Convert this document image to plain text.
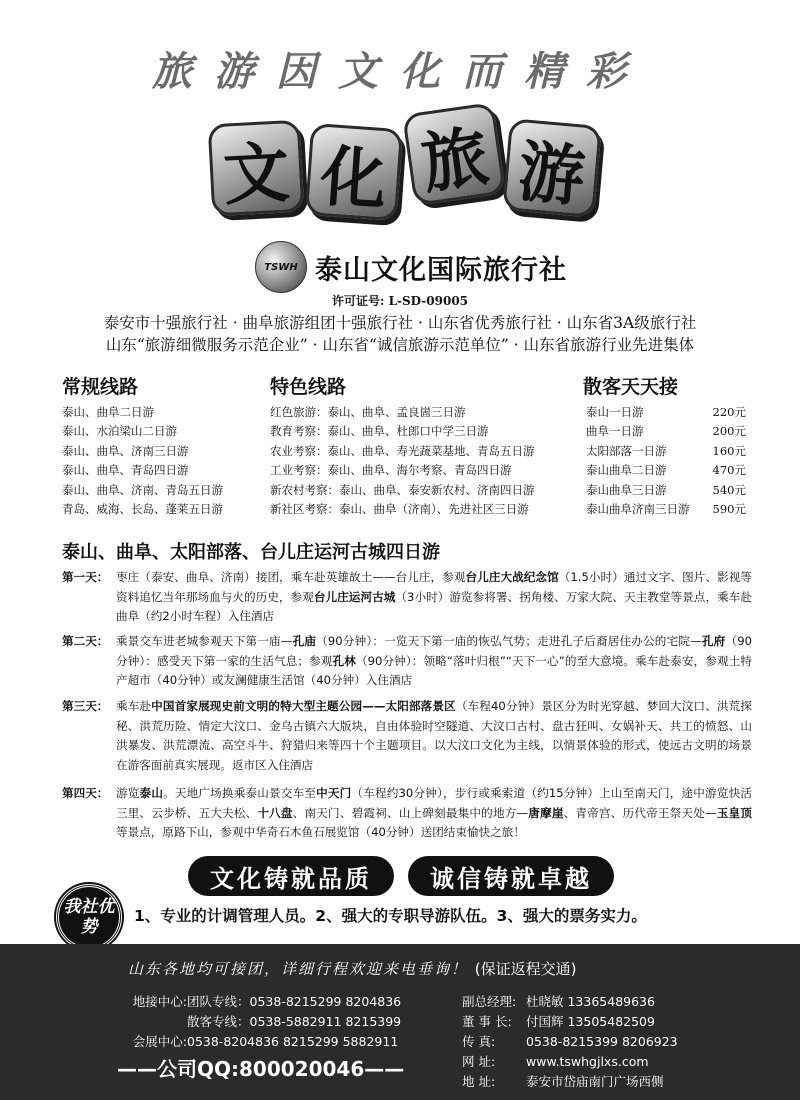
旅游因文化而精彩
文 化 旅 游
TSWH 泰山文化国际旅行社
许可证号: L-SD-09005
泰安市十强旅行社 · 曲阜旅游组团十强旅行社 · 山东省优秀旅行社 · 山东省3A级旅行社
山东“旅游细微服务示范企业” · 山东省“诚信旅游示范单位” · 山东省旅游行业先进集体
常规线路
泰山、曲阜二日游
泰山、水泊梁山二日游
泰山、曲阜、济南三日游
泰山、曲阜、青岛四日游
泰山、曲阜、济南、青岛五日游
青岛、威海、长岛、蓬莱五日游
特色线路
红色旅游：泰山、曲阜、孟良崮三日游
教育考察：泰山、曲阜、杜郎口中学三日游
农业考察：泰山、曲阜、寿光蔬菜基地、青岛五日游
工业考察：泰山、曲阜、海尔考察、青岛四日游
新农村考察：泰山、曲阜、泰安新农村、济南四日游
新社区考察：泰山、曲阜（济南）、先进社区三日游
散客天天接
泰山一日游	220元
曲阜一日游	200元
太阳部落一日游	160元
泰山曲阜二日游	470元
泰山曲阜三日游	540元
泰山曲阜济南三日游 590元
泰山、曲阜、太阳部落、台儿庄运河古城四日游
第一天： 枣庄（泰安、曲阜、济南）接团，乘车赴英雄故土——台儿庄，参观台儿庄大战纪念馆（1.5小时）通过文字、图片、影视等资料追忆当年那场血与火的历史，参观台儿庄运河古城（3小时）游览参将署、拐角楼、万家大院、天主教堂等景点，乘车赴曲阜（约2小时车程）入住酒店
第二天： 乘景交车进老城参观天下第一庙—孔庙（90分钟）：一览天下第一庙的恢弘气势；走进孔子后裔居住办公的宅院—孔府（90分钟）：感受天下第一家的生活气息；参观孔林（90分钟）：领略“落叶归根”“天下一心”的至大意境。乘车赴泰安，参观土特产超市（40分钟）或友澜健康生活馆（40分钟）入住酒店
第三天： 乘车赴中国首家展现史前文明的特大型主题公园——太阳部落景区（车程40分钟）景区分为时光穿越、梦回大汶口、洪荒探秘、洪荒历险、情定大汶口、金乌古镇六大版块，自由体验时空隧道、大汶口古村、盘古狂叫、女娲补天、共工的愤怒、山洪暴发、洪荒漂流、高空斗牛、狩猎归来等四十个主题项目。以大汶口文化为主线，以情景体验的形式，使远古文明的场景在游客面前真实展现。返市区入住酒店
第四天： 游览泰山。天地广场换乘泰山景交车至中天门（车程约30分钟），步行或乘索道（约15分钟）上山至南天门，途中游览快活三里、云步桥、五大夫松、十八盘、南天门、碧霞祠、山上碑刻最集中的地方—唐摩崖、青帝宫、历代帝王祭天处—玉皇顶等景点，原路下山，参观中华奇石木鱼石展览馆（40分钟）送团结束愉快之旅！
文化铸就品质	诚信铸就卓越
我社优势
1、专业的计调管理人员。2、强大的专职导游队伍。3、强大的票务实力。
山东各地均可接团，详细行程欢迎来电垂询！ (保证返程交通)
地接中心: 团队专线：0538-8215299 8204836
散客专线：0538-5882911 8215399
会展中心: 0538-8204836 8215299 5882911
——公司QQ:800020046——
副总经理: 杜晓敏 13365489636
董 事 长:	付国辉 13505482509
传 真:	0538-8215399 8206923
网 址:	www.tswhgjlxs.com
地 址:	泰安市岱庙南门广场西侧
